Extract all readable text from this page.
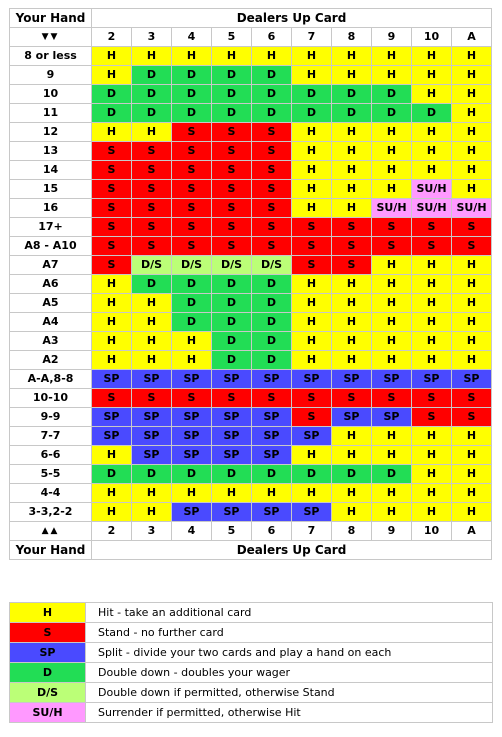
Your Hand	Dealers Up Card									
▼▼	2	3	4	5	6	7	8	9	10	A
8 or less	H	H	H	H	H	H	H	H	H	H
9	H	D	D	D	D	H	H	H	H	H
10	D	D	D	D	D	D	D	D	H	H
11	D	D	D	D	D	D	D	D	D	H
12	H	H	S	S	S	H	H	H	H	H
13	S	S	S	S	S	H	H	H	H	H
14	S	S	S	S	S	H	H	H	H	H
15	S	S	S	S	S	H	H	H	SU/H	H
16	S	S	S	S	S	H	H	SU/H	SU/H	SU/H
17+	S	S	S	S	S	S	S	S	S	S
A8 - A10	S	S	S	S	S	S	S	S	S	S
A7	S	D/S	D/S	D/S	D/S	S	S	H	H	H
A6	H	D	D	D	D	H	H	H	H	H
A5	H	H	D	D	D	H	H	H	H	H
A4	H	H	D	D	D	H	H	H	H	H
A3	H	H	H	D	D	H	H	H	H	H
A2	H	H	H	D	D	H	H	H	H	H
A-A,8-8	SP	SP	SP	SP	SP	SP	SP	SP	SP	SP
10-10	S	S	S	S	S	S	S	S	S	S
9-9	SP	SP	SP	SP	SP	S	SP	SP	S	S
7-7	SP	SP	SP	SP	SP	SP	H	H	H	H
6-6	H	SP	SP	SP	SP	H	H	H	H	H
5-5	D	D	D	D	D	D	D	D	H	H
4-4	H	H	H	H	H	H	H	H	H	H
3-3,2-2	H	H	SP	SP	SP	SP	H	H	H	H
▲▲	2	3	4	5	6	7	8	9	10	A
Your Hand	Dealers Up Card									
H	Hit - take an additional card
S	Stand - no further card
SP	Split - divide your two cards and play a hand on each
D	Double down - doubles your wager
D/S	Double down if permitted, otherwise Stand
SU/H	Surrender if permitted, otherwise Hit
